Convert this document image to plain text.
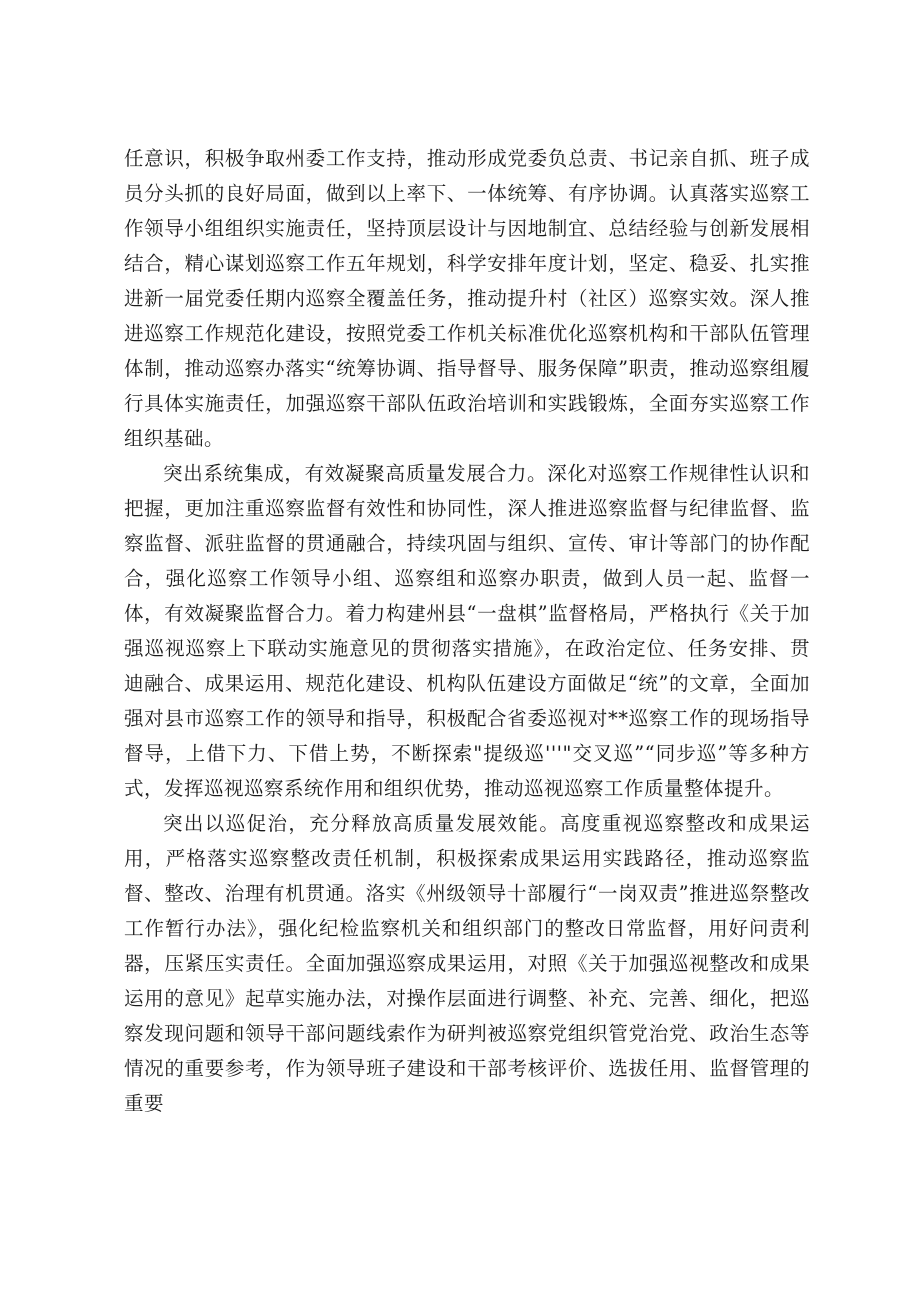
任意识，积极争取州委工作支持，推动形成党委负总责、书记亲自抓、班子成员分头抓的良好局面，做到以上率下、一体统筹、有序协调。认真落实巡察工作领导小组组织实施责任，坚持顶层设计与因地制宜、总结经验与创新发展相结合，精心谋划巡察工作五年规划，科学安排年度计划，坚定、稳妥、扎实推进新一届党委任期内巡察全覆盖任务，推动提升村（社区）巡察实效。深人推进巡察工作规范化建设，按照党委工作机关标准优化巡察机构和干部队伍管理体制，推动巡察办落实“统筹协调、指导督导、服务保障”职责，推动巡察组履行具体实施责任，加强巡察干部队伍政治培训和实践锻炼，全面夯实巡察工作组织基础。

突出系统集成，有效凝聚高质量发展合力。深化对巡察工作规律性认识和把握，更加注重巡察监督有效性和协同性，深人推进巡察监督与纪律监督、监察监督、派驻监督的贯通融合，持续巩固与组织、宣传、审计等部门的协作配合，强化巡察工作领导小组、巡察组和巡察办职责，做到人员一起、监督一体，有效凝聚监督合力。着力构建州县“一盘棋”监督格局，严格执行《关于加强巡视巡察上下联动实施意见的贯彻落实措施》，在政治定位、任务安排、贯迪融合、成果运用、规范化建设、机构队伍建设方面做足“统”的文章，全面加强对县市巡察工作的领导和指导，积极配合省委巡视对**巡察工作的现场指导督导，上借下力、下借上势，不断探索"提级巡'''"交叉巡”“同步巡”等多种方式，发挥巡视巡察系统作用和组织优势，推动巡视巡察工作质量整体提升。

突出以巡促治，充分释放高质量发展效能。高度重视巡察整改和成果运用，严格落实巡察整改责任机制，积极探索成果运用实践路径，推动巡察监督、整改、治理有机贯通。洛实《州级领导十部履行“一岗双责”推进巡祭整改工作暂行办法》，强化纪检监察机关和组织部门的整改日常监督，用好问责利器，压紧压实责任。全面加强巡察成果运用，对照《关于加强巡视整改和成果运用的意见》起草实施办法，对操作层面进行调整、补充、完善、细化，把巡察发现问题和领导干部问题线索作为研判被巡察党组织管党治党、政治生态等情况的重要参考，作为领导班子建设和干部考核评价、选拔任用、监督管理的重要
